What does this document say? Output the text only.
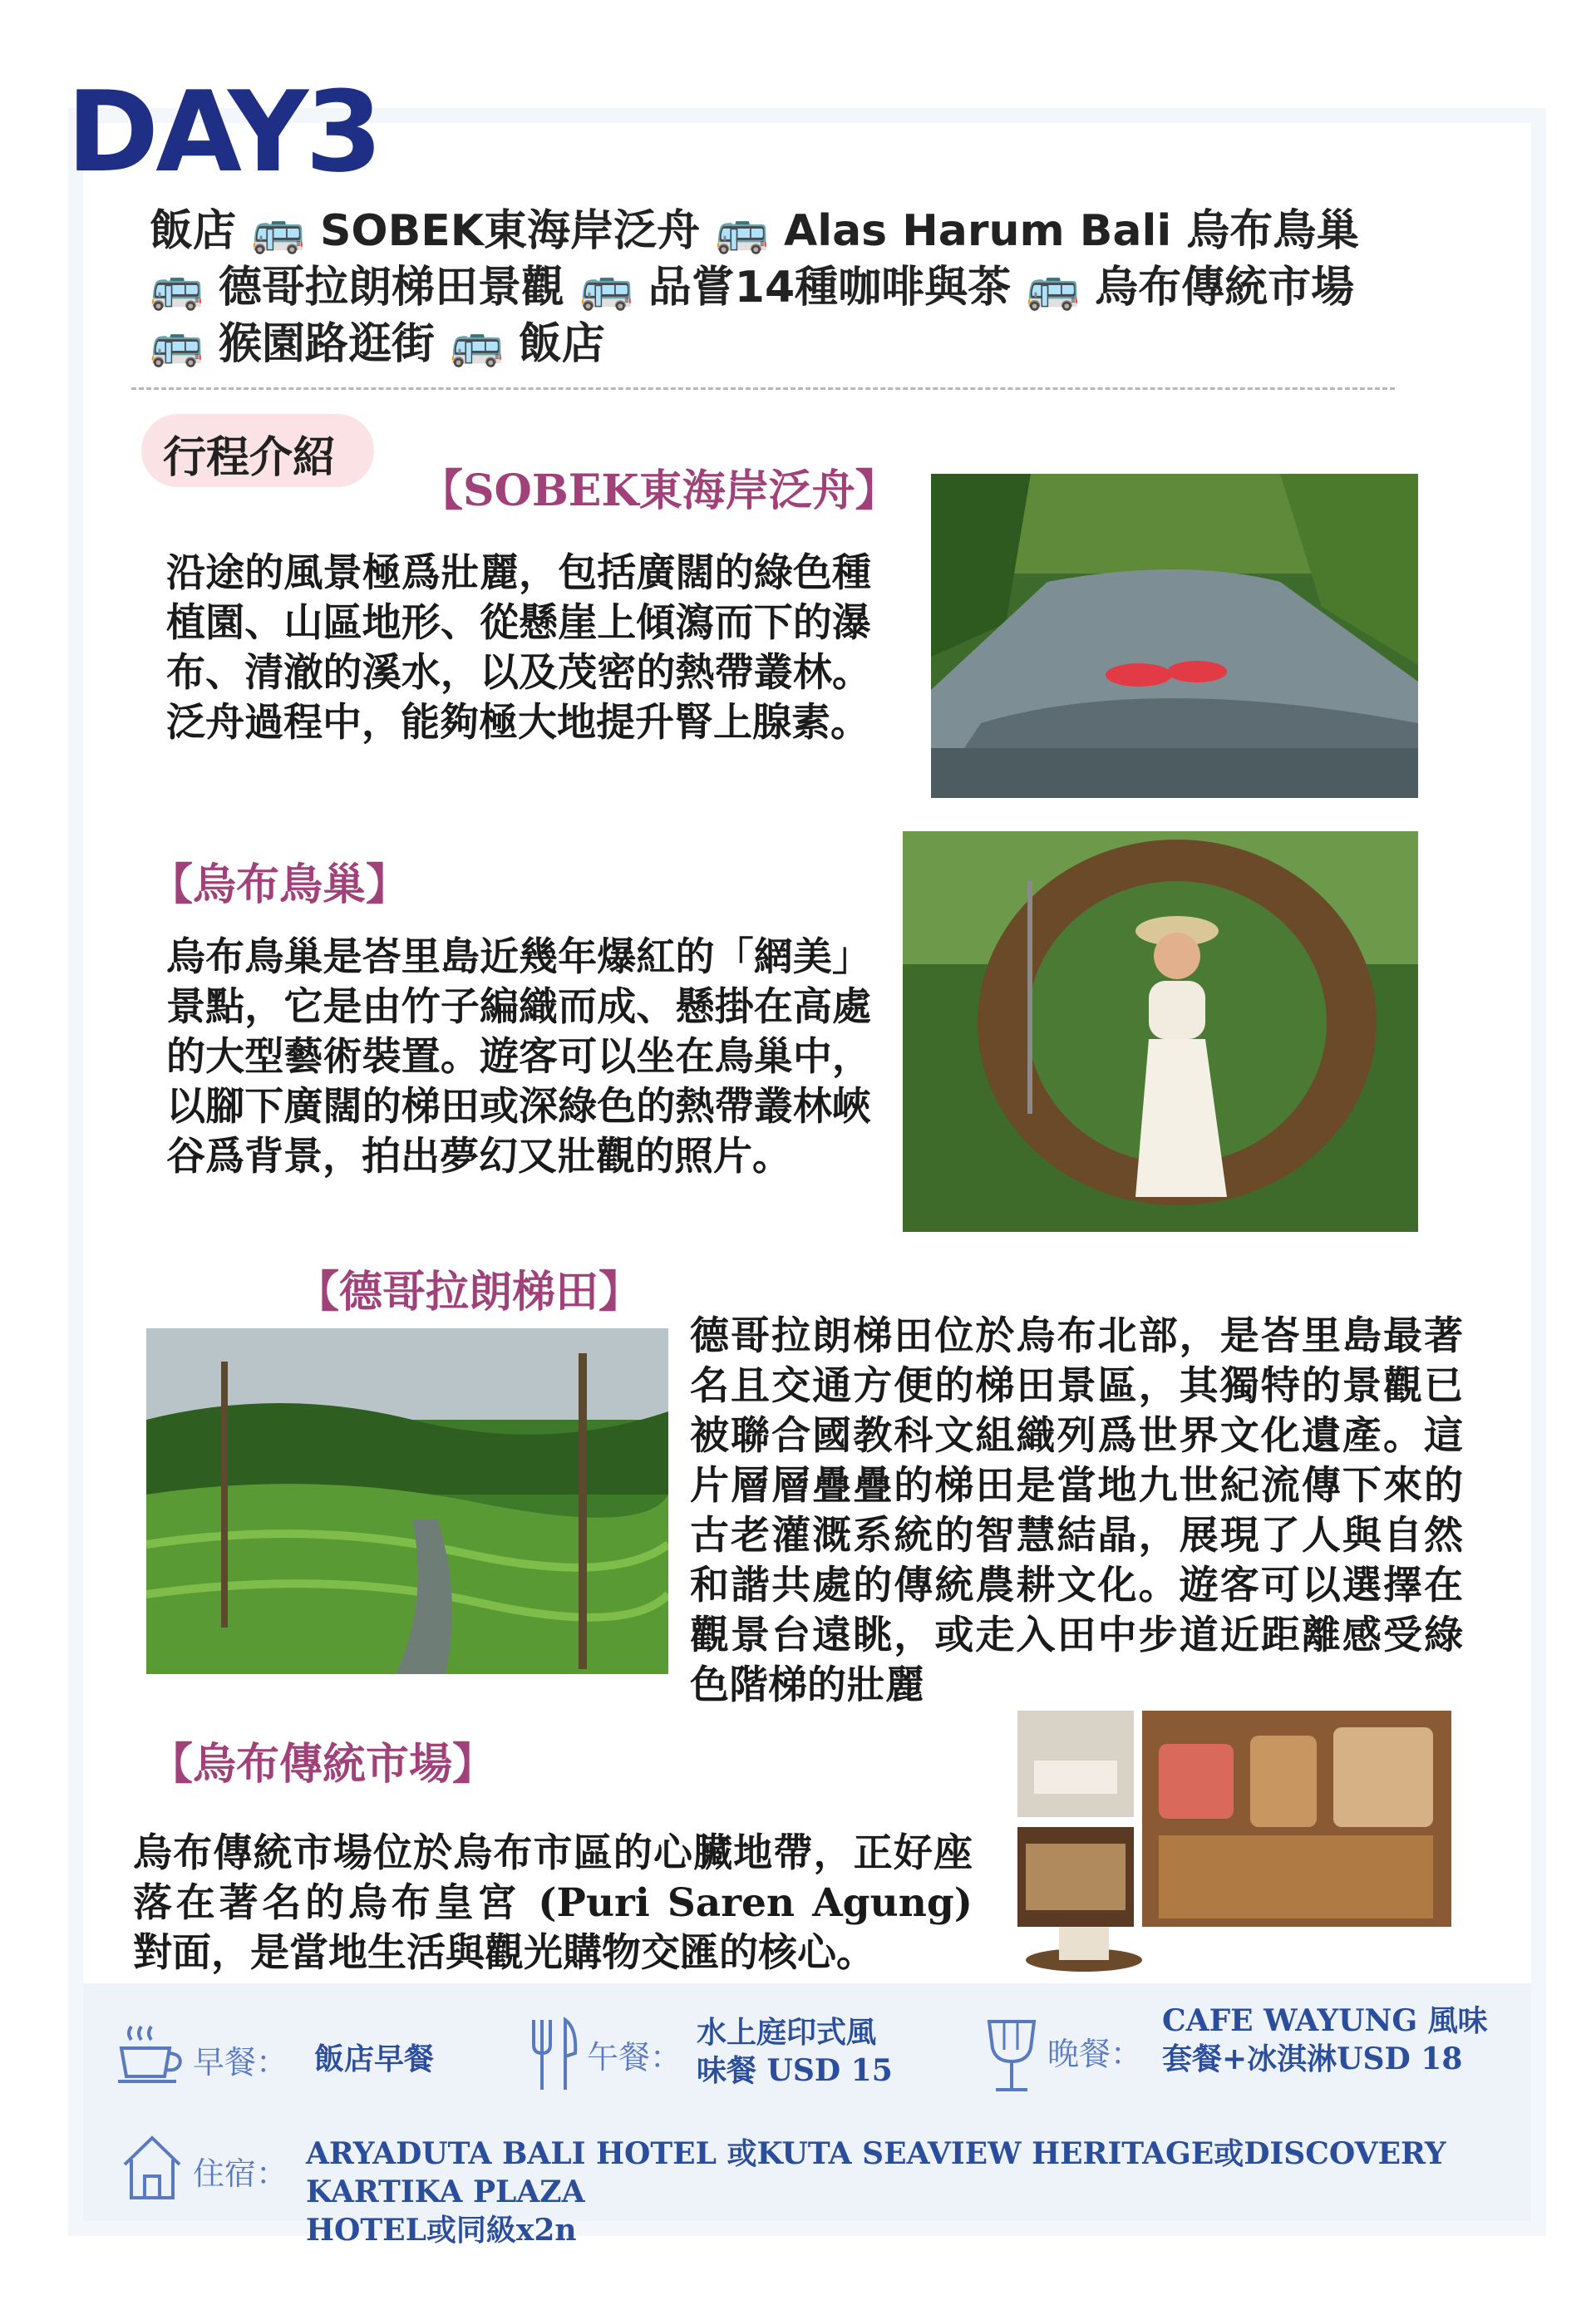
DAY3
飯店 🚌 SOBEK東海岸泛舟 🚌 Alas Harum Bali 烏布鳥巢
🚌 德哥拉朗梯田景觀 🚌 品嘗14種咖啡與茶 🚌 烏布傳統市場
🚌 猴園路逛街 🚌 飯店
行程介紹
【SOBEK東海岸泛舟】
沿途的風景極爲壯麗，包括廣闊的綠色種植園、山區地形、從懸崖上傾瀉而下的瀑布、清澈的溪水，以及茂密的熱帶叢林。泛舟過程中，能夠極大地提升腎上腺素。
【烏布鳥巢】
烏布鳥巢是峇里島近幾年爆紅的「網美」景點，它是由竹子編織而成、懸掛在高處的大型藝術裝置。遊客可以坐在鳥巢中，以腳下廣闊的梯田或深綠色的熱帶叢林峽谷爲背景，拍出夢幻又壯觀的照片。
【德哥拉朗梯田】
德哥拉朗梯田位於烏布北部，是峇里島最著名且交通方便的梯田景區，其獨特的景觀已被聯合國教科文組織列爲世界文化遺產。這片層層疊疊的梯田是當地九世紀流傳下來的古老灌溉系統的智慧結晶，展現了人與自然和諧共處的傳統農耕文化。遊客可以選擇在觀景台遠眺，或走入田中步道近距離感受綠色階梯的壯麗
【烏布傳統市場】
烏布傳統市場位於烏布市區的心臟地帶，正好座落在著名的烏布皇宮 (Puri Saren Agung) 對面，是當地生活與觀光購物交匯的核心。
早餐： 飯店早餐	午餐：
水上庭印式風
味餐 USD 15	晚餐：
CAFE WAYUNG 風味
套餐+冰淇淋USD 18
住宿：
ARYADUTA BALI HOTEL 或KUTA SEAVIEW HERITAGE或DISCOVERY KARTIKA PLAZA
HOTEL或同級x2n
